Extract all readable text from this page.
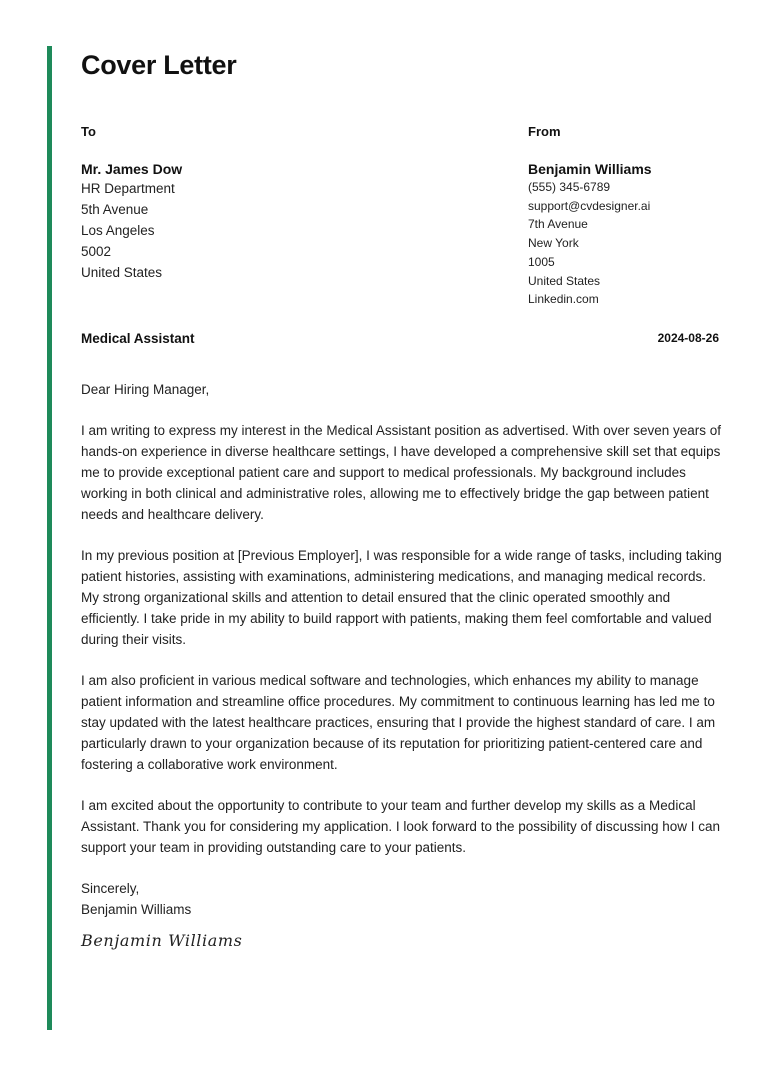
Cover Letter
To
Mr. James Dow
HR Department
5th Avenue
Los Angeles
5002
United States
From
Benjamin Williams
(555) 345-6789
support@cvdesigner.ai
7th Avenue
New York
1005
United States
Linkedin.com
Medical Assistant	2024-08-26

Dear Hiring Manager,

I am writing to express my interest in the Medical Assistant position as advertised. With over seven years of hands-on experience in diverse healthcare settings, I have developed a comprehensive skill set that equips me to provide exceptional patient care and support to medical professionals. My background includes working in both clinical and administrative roles, allowing me to effectively bridge the gap between patient needs and healthcare delivery.

In my previous position at [Previous Employer], I was responsible for a wide range of tasks, including taking patient histories, assisting with examinations, administering medications, and managing medical records. My strong organizational skills and attention to detail ensured that the clinic operated smoothly and efficiently. I take pride in my ability to build rapport with patients, making them feel comfortable and valued during their visits.

I am also proficient in various medical software and technologies, which enhances my ability to manage patient information and streamline office procedures. My commitment to continuous learning has led me to stay updated with the latest healthcare practices, ensuring that I provide the highest standard of care. I am particularly drawn to your organization because of its reputation for prioritizing patient-centered care and fostering a collaborative work environment.

I am excited about the opportunity to contribute to your team and further develop my skills as a Medical Assistant. Thank you for considering my application. I look forward to the possibility of discussing how I can support your team in providing outstanding care to your patients.

Sincerely,
Benjamin Williams
Benjamin Williams
